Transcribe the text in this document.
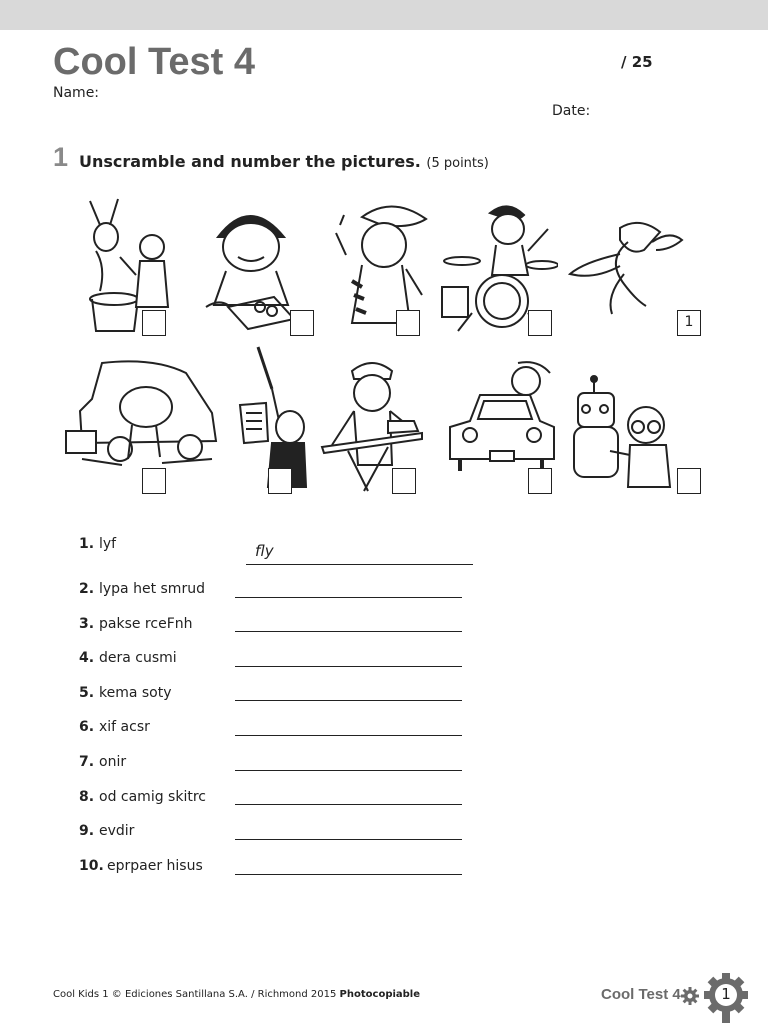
Cool Test 4	/ 25
Name:
Date:
1 Unscramble and number the pictures. (5 points)
1
1. lyf	fly
2. lypa het smrud
3. pakse rceFnh
4. dera cusmi
5. kema soty
6. xif acsr
7. onir
8. od camig skitrc
9. evdir
10. eprpaer hisus
Cool Kids 1 © Ediciones Santillana S.A. / Richmond 2015 Photocopiable	Cool Test 4	1
